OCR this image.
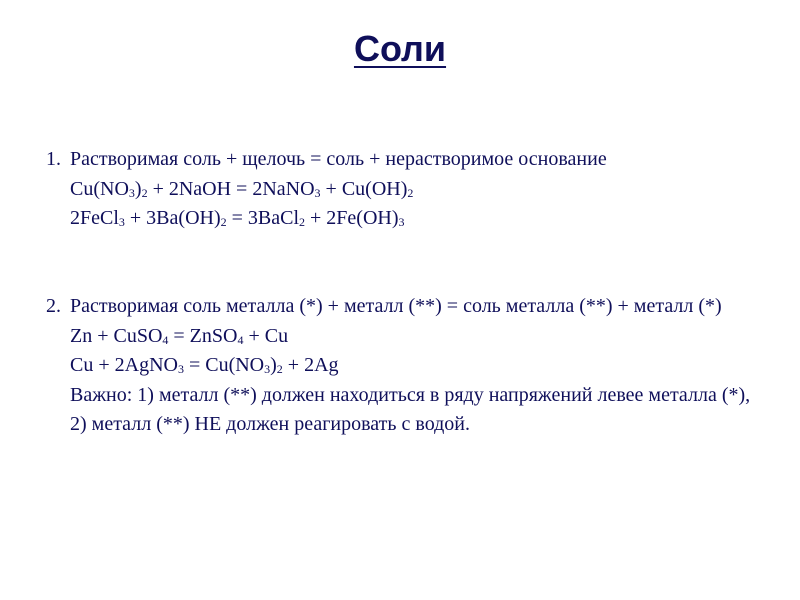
Соли
1. Растворимая соль + щелочь = соль + нерастворимое основание
$Cu(NO_3)_2$ + 2NaOH = 2NaNO$_3$ + $Cu(OH)_2$
2FeCl$_3$ + $3Ba(OH)_2$ = 3BaCl$_2$ + $2Fe(OH)_3$
2. Растворимая соль металла (*) + металл (**) = соль металла (**) + металл (*)
Zn + CuSO$_4$ = ZnSO$_4$ + Cu
Cu + 2AgNO$_3$ = $Cu(NO_3)_2 + 2Ag$
Важно: 1) металл (**) должен находиться в ряду напряжений левее металла (*), 2) металл (**) НЕ должен реагировать с водой.
